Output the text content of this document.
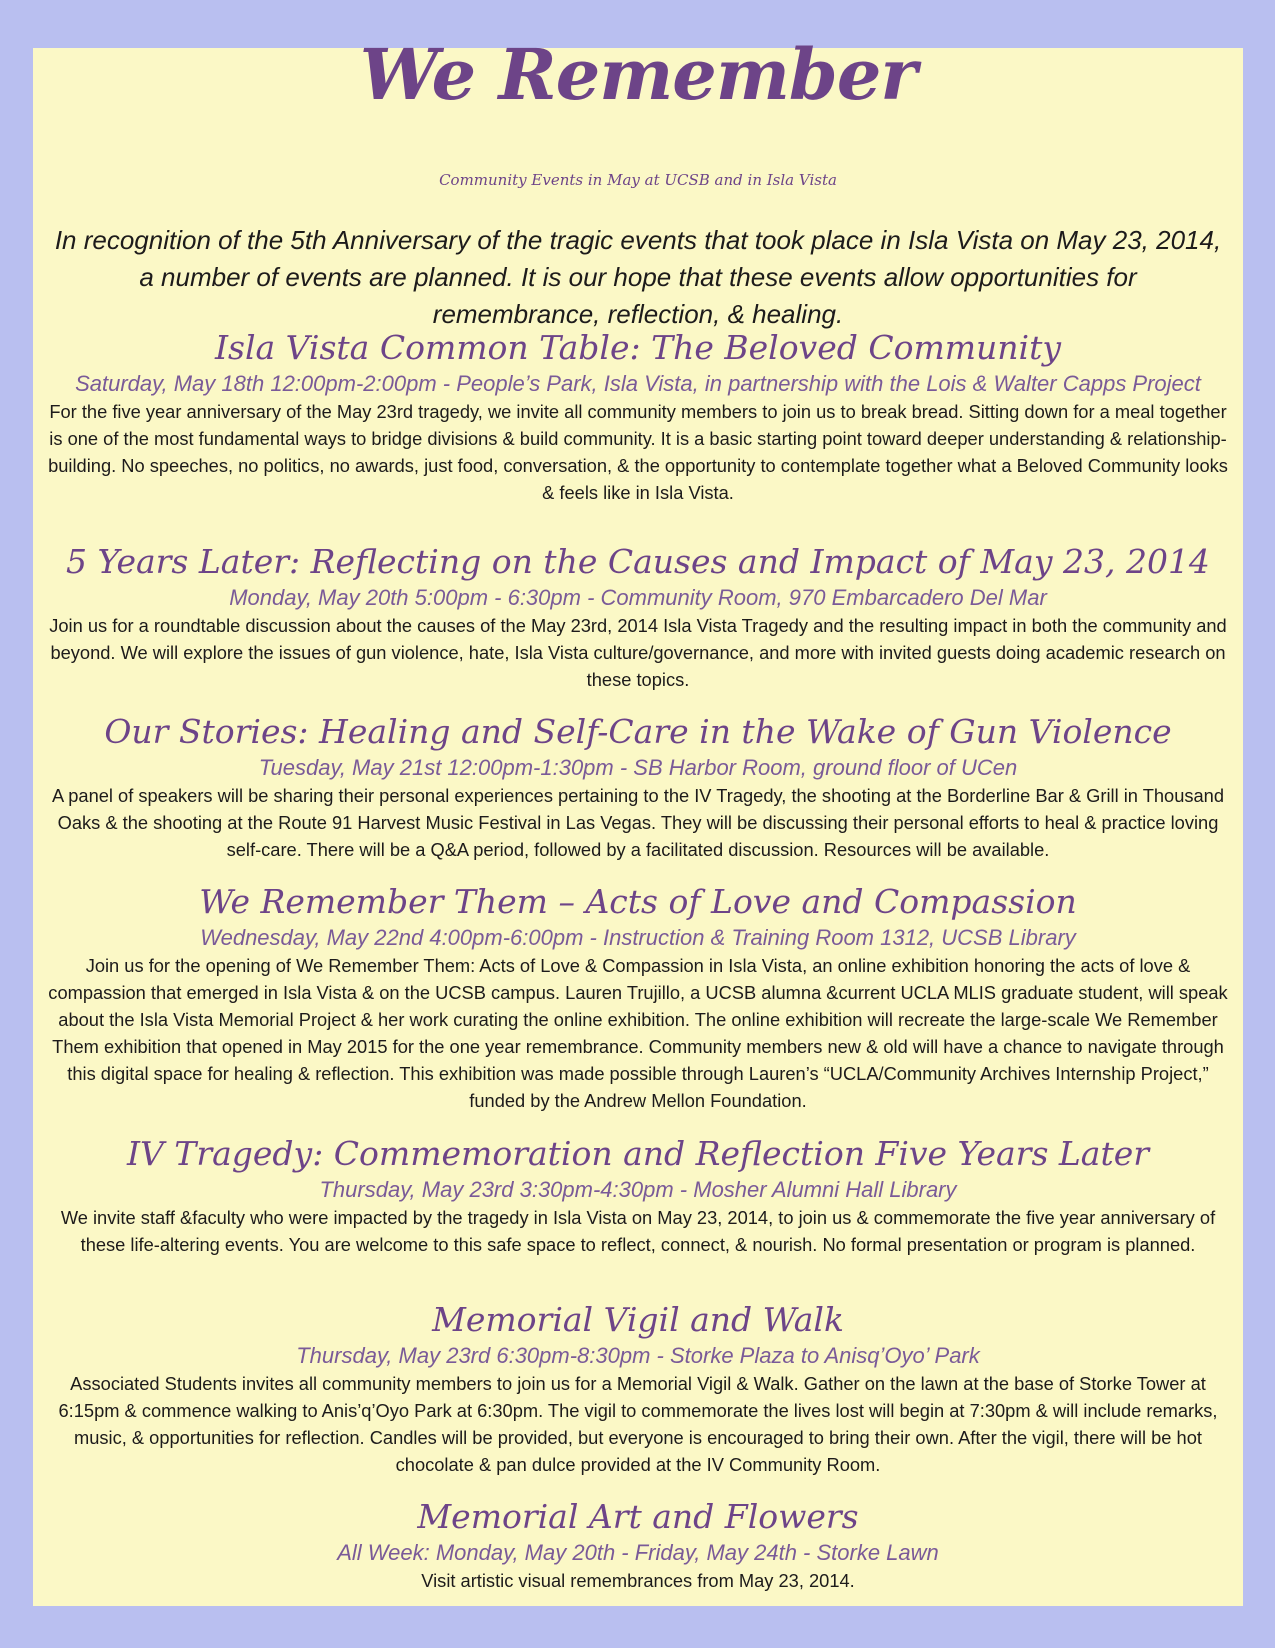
We Remember
Community Events in May at UCSB and in Isla Vista
In recognition of the 5th Anniversary of the tragic events that took place in Isla Vista on May 23, 2014, a number of events are planned. It is our hope that these events allow opportunities for remembrance, reflection, & healing.

Isla Vista Common Table: The Beloved Community

Saturday, May 18th 12:00pm-2:00pm - People’s Park, Isla Vista, in partnership with the Lois & Walter Capps Project

For the five year anniversary of the May 23rd tragedy, we invite all community members to join us to break bread. Sitting down for a meal together is one of the most fundamental ways to bridge divisions & build community. It is a basic starting point toward deeper understanding & relationship-building. No speeches, no politics, no awards, just food, conversation, & the opportunity to contemplate together what a Beloved Community looks & feels like in Isla Vista.

5 Years Later: Reflecting on the Causes and Impact of May 23, 2014

Monday, May 20th 5:00pm - 6:30pm - Community Room, 970 Embarcadero Del Mar

Join us for a roundtable discussion about the causes of the May 23rd, 2014 Isla Vista Tragedy and the resulting impact in both the community and beyond. We will explore the issues of gun violence, hate, Isla Vista culture/governance, and more with invited guests doing academic research on these topics.

Our Stories: Healing and Self-Care in the Wake of Gun Violence

Tuesday, May 21st 12:00pm-1:30pm - SB Harbor Room, ground floor of UCen

A panel of speakers will be sharing their personal experiences pertaining to the IV Tragedy, the shooting at the Borderline Bar & Grill in Thousand Oaks & the shooting at the Route 91 Harvest Music Festival in Las Vegas. They will be discussing their personal efforts to heal & practice loving self-care. There will be a Q&A period, followed by a facilitated discussion. Resources will be available.

We Remember Them – Acts of Love and Compassion

Wednesday, May 22nd 4:00pm-6:00pm - Instruction & Training Room 1312, UCSB Library

Join us for the opening of We Remember Them: Acts of Love & Compassion in Isla Vista, an online exhibition honoring the acts of love & compassion that emerged in Isla Vista & on the UCSB campus. Lauren Trujillo, a UCSB alumna &current UCLA MLIS graduate student, will speak about the Isla Vista Memorial Project & her work curating the online exhibition. The online exhibition will recreate the large-scale We Remember Them exhibition that opened in May 2015 for the one year remembrance. Community members new & old will have a chance to navigate through this digital space for healing & reflection. This exhibition was made possible through Lauren’s “UCLA/Community Archives Internship Project,” funded by the Andrew Mellon Foundation.

IV Tragedy: Commemoration and Reflection Five Years Later

Thursday, May 23rd 3:30pm-4:30pm - Mosher Alumni Hall Library

We invite staff &faculty who were impacted by the tragedy in Isla Vista on May 23, 2014, to join us & commemorate the five year anniversary of these life-altering events. You are welcome to this safe space to reflect, connect, & nourish. No formal presentation or program is planned.

Memorial Vigil and Walk

Thursday, May 23rd 6:30pm-8:30pm - Storke Plaza to Anisq’Oyo’ Park

Associated Students invites all community members to join us for a Memorial Vigil & Walk. Gather on the lawn at the base of Storke Tower at 6:15pm & commence walking to Anis’q’Oyo Park at 6:30pm. The vigil to commemorate the lives lost will begin at 7:30pm & will include remarks, music, & opportunities for reflection. Candles will be provided, but everyone is encouraged to bring their own. After the vigil, there will be hot chocolate & pan dulce provided at the IV Community Room.

Memorial Art and Flowers

All Week: Monday, May 20th - Friday, May 24th - Storke Lawn

Visit artistic visual remembrances from May 23, 2014.
